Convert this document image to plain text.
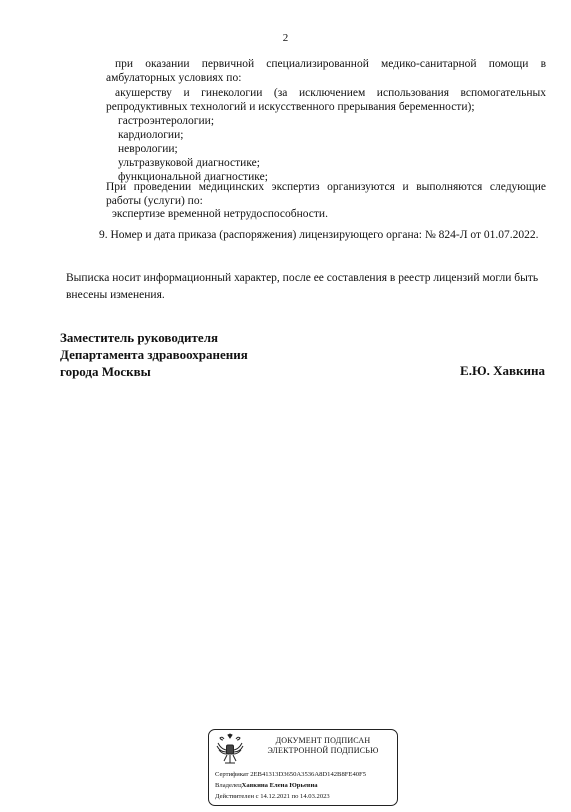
2
при оказании первичной специализированной медико-санитарной помощи в
амбулаторных условиях по:
акушерству и гинекологии (за исключением использования вспомогательных
репродуктивных технологий и искусственного прерывания беременности);
гастроэнтерологии;
кардиологии;
неврологии;
ультразвуковой диагностике;
функциональной диагностике;
При проведении медицинских экспертиз организуются и выполняются следующие
работы (услуги) по:
экспертизе временной нетрудоспособности.
9. Номер и дата приказа (распоряжения) лицензирующего органа: № 824-Л от 01.07.2022.
Выписка носит информационный характер, после ее составления в реестр лицензий могли быть
внесены изменения.
Заместитель руководителя
Департамента здравоохранения
города Москвы	Е.Ю. Хавкина
ДОКУМЕНТ ПОДПИСАН
ЭЛЕКТРОННОЙ ПОДПИСЬЮ
Сертификат 2EB41313D3650A3536A8D142B8FE40F5
ВладелецХавкина Елена Юрьевна
Действителен с 14.12.2021 по 14.03.2023
